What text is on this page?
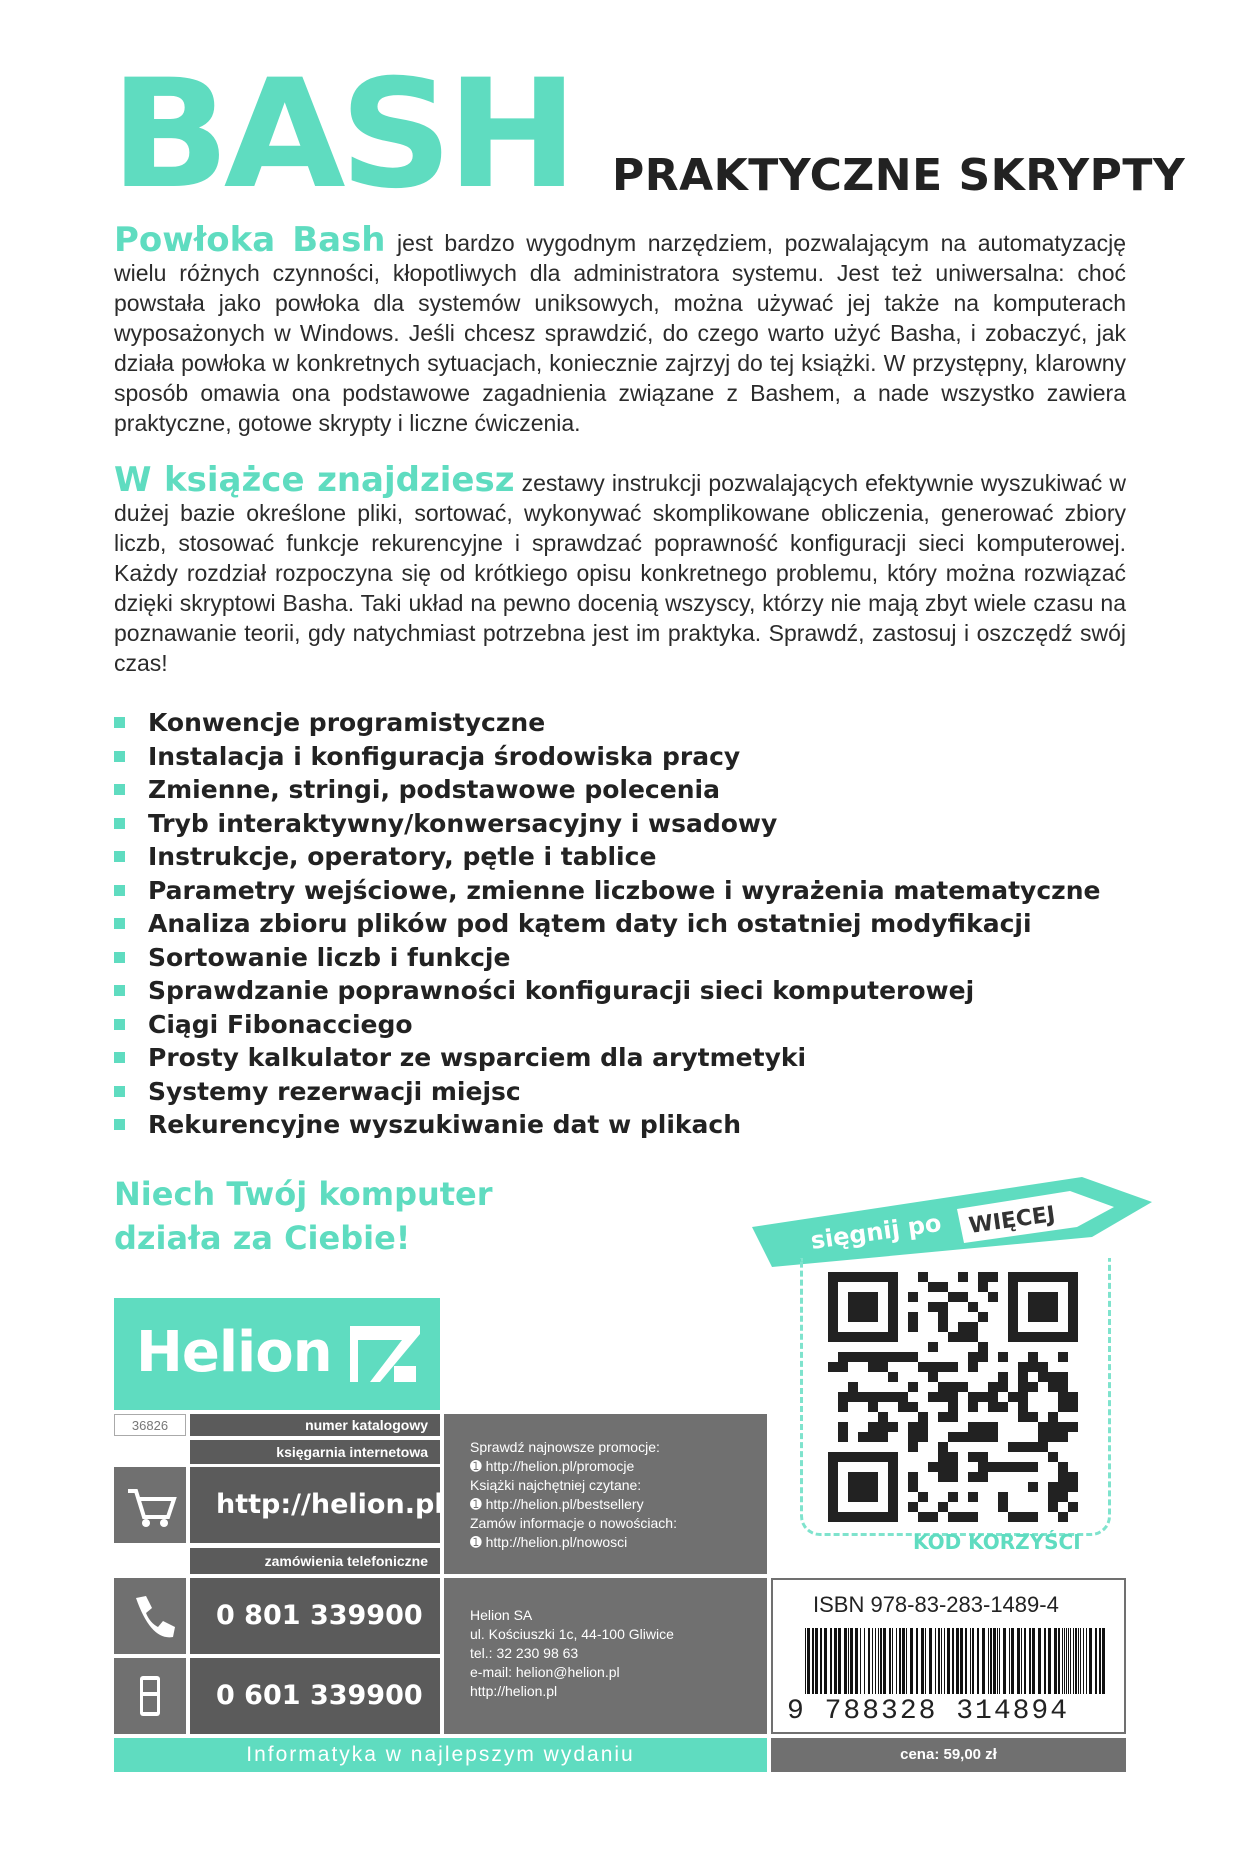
BASH PRAKTYCZNE SKRYPTY
Powłoka Bash jest bardzo wygodnym narzędziem, pozwalającym na automatyzację wielu różnych czynności, kłopotliwych dla administratora systemu. Jest też uniwersalna: choć powstała jako powłoka dla systemów uniksowych, można używać jej także na komputerach wyposażonych w Windows. Jeśli chcesz sprawdzić, do czego warto użyć Basha, i zobaczyć, jak działa powłoka w konkretnych sytuacjach, koniecznie zajrzyj do tej książki. W przystępny, klarowny sposób omawia ona podstawowe zagadnienia związane z Bashem, a nade wszystko zawiera praktyczne, gotowe skrypty i liczne ćwiczenia.
W książce znajdziesz zestawy instrukcji pozwalających efektywnie wyszukiwać w dużej bazie określone pliki, sortować, wykonywać skomplikowane obliczenia, generować zbiory liczb, stosować funkcje rekurencyjne i sprawdzać poprawność konfiguracji sieci komputerowej. Każdy rozdział rozpoczyna się od krótkiego opisu konkretnego problemu, który można rozwiązać dzięki skryptowi Basha. Taki układ na pewno docenią wszyscy, którzy nie mają zbyt wiele czasu na poznawanie teorii, gdy natychmiast potrzebna jest im praktyka. Sprawdź, zastosuj i oszczędź swój czas!
Konwencje programistyczne
Instalacja i konfiguracja środowiska pracy
Zmienne, stringi, podstawowe polecenia
Tryb interaktywny/konwersacyjny i wsadowy
Instrukcje, operatory, pętle i tablice
Parametry wejściowe, zmienne liczbowe i wyrażenia matematyczne
Analiza zbioru plików pod kątem daty ich ostatniej modyfikacji
Sortowanie liczb i funkcje
Sprawdzanie poprawności konfiguracji sieci komputerowej
Ciągi Fibonacciego
Prosty kalkulator ze wsparciem dla arytmetyki
Systemy rezerwacji miejsc
Rekurencyjne wyszukiwanie dat w plikach
Niech Twój komputer
działa za Ciebie!	sięgnij po WIĘCEJ
KOD KORZYŚCI
Helion
36826	numer katalogowy
księgarnia internetowa
http://helion.pl
zamówienia telefoniczne
0 801 339900
0 601 339900
Sprawdź najnowsze promocje:
➊ http://helion.pl/promocje
Książki najchętniej czytane:
➊ http://helion.pl/bestsellery
Zamów informacje o nowościach:
➊ http://helion.pl/nowosci
Helion SA
ul. Kościuszki 1c, 44-100 Gliwice
tel.: 32 230 98 63
e-mail: helion@helion.pl
http://helion.pl
Informatyka w najlepszym wydaniu
ISBN 978-83-283-1489-4
9 788328 314894
cena: 59,00 zł
